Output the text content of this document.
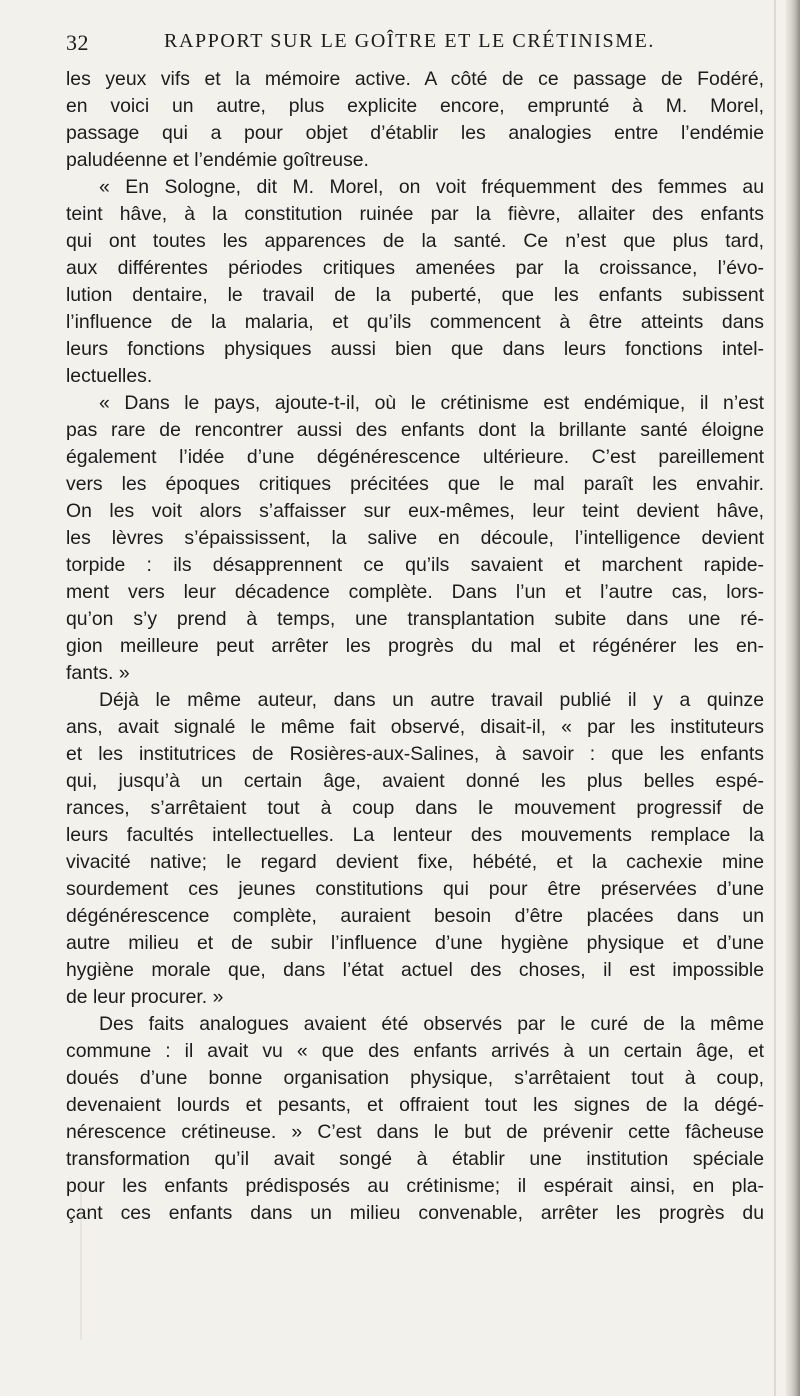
32	RAPPORT SUR LE GOÎTRE ET LE CRÉTINISME.
les yeux vifs et la mémoire active. A côté de ce passage de Fodéré,
en voici un autre, plus explicite encore, emprunté à M. Morel,
passage qui a pour objet d’établir les analogies entre l’endémie
paludéenne et l’endémie goîtreuse.
« En Sologne, dit M. Morel, on voit fréquemment des femmes au
teint hâve, à la constitution ruinée par la fièvre, allaiter des enfants
qui ont toutes les apparences de la santé. Ce n’est que plus tard,
aux différentes périodes critiques amenées par la croissance, l’évo-
lution dentaire, le travail de la puberté, que les enfants subissent
l’influence de la malaria, et qu’ils commencent à être atteints dans
leurs fonctions physiques aussi bien que dans leurs fonctions intel-
lectuelles.
« Dans le pays, ajoute-t-il, où le crétinisme est endémique, il n’est
pas rare de rencontrer aussi des enfants dont la brillante santé éloigne
également l’idée d’une dégénérescence ultérieure. C’est pareillement
vers les époques critiques précitées que le mal paraît les envahir.
On les voit alors s’affaisser sur eux-mêmes, leur teint devient hâve,
les lèvres s’épaississent, la salive en découle, l’intelligence devient
torpide : ils désapprennent ce qu’ils savaient et marchent rapide-
ment vers leur décadence complète. Dans l’un et l’autre cas, lors-
qu’on s’y prend à temps, une transplantation subite dans une ré-
gion meilleure peut arrêter les progrès du mal et régénérer les en-
fants. »
Déjà le même auteur, dans un autre travail publié il y a quinze
ans, avait signalé le même fait observé, disait-il, « par les instituteurs
et les institutrices de Rosières-aux-Salines, à savoir : que les enfants
qui, jusqu’à un certain âge, avaient donné les plus belles espé-
rances, s’arrêtaient tout à coup dans le mouvement progressif de
leurs facultés intellectuelles. La lenteur des mouvements remplace la
vivacité native; le regard devient fixe, hébété, et la cachexie mine
sourdement ces jeunes constitutions qui pour être préservées d’une
dégénérescence complète, auraient besoin d’être placées dans un
autre milieu et de subir l’influence d’une hygiène physique et d’une
hygiène morale que, dans l’état actuel des choses, il est impossible
de leur procurer. »
Des faits analogues avaient été observés par le curé de la même
commune : il avait vu « que des enfants arrivés à un certain âge, et
doués d’une bonne organisation physique, s’arrêtaient tout à coup,
devenaient lourds et pesants, et offraient tout les signes de la dégé-
nérescence crétineuse. » C’est dans le but de prévenir cette fâcheuse
transformation qu’il avait songé à établir une institution spéciale
pour les enfants prédisposés au crétinisme; il espérait ainsi, en pla-
çant ces enfants dans un milieu convenable, arrêter les progrès du
